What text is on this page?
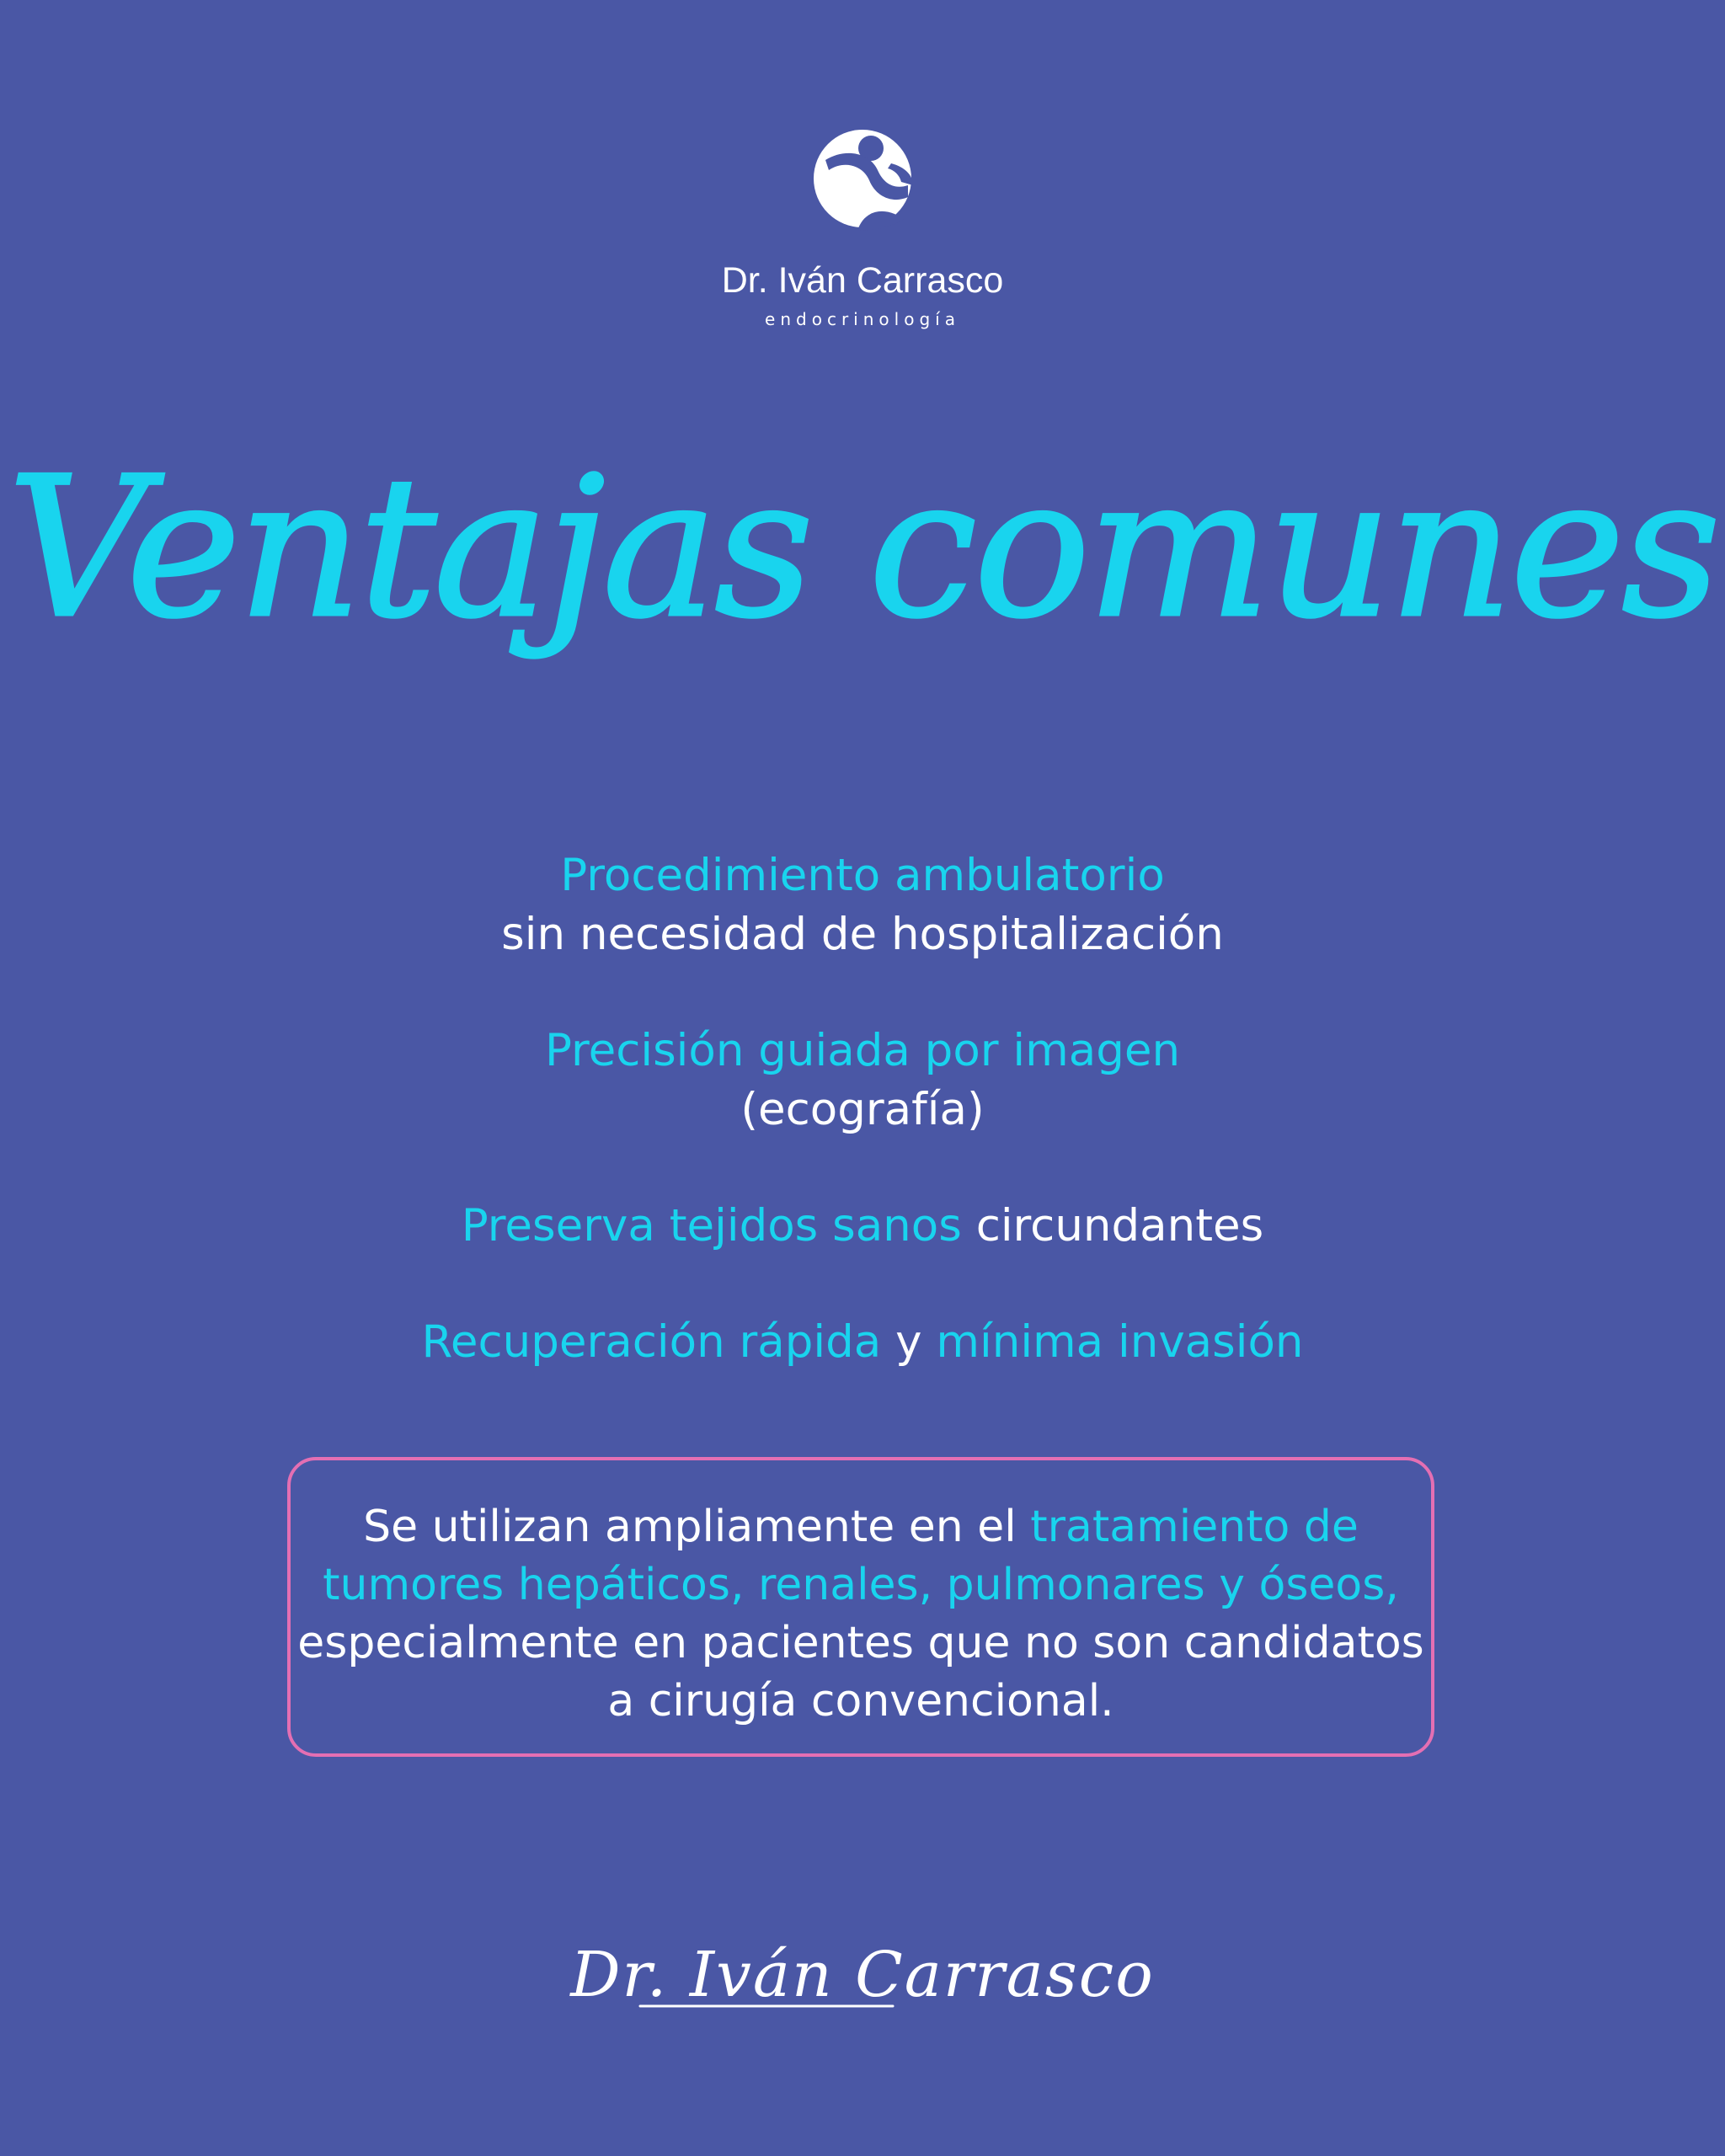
Dr. Iván Carrasco
endocrinología
Ventajas comunes
Procedimiento ambulatorio
sin necesidad de hospitalización
Precisión guiada por imagen
(ecografía)
Preserva tejidos sanos circundantes
Recuperación rápida y mínima invasión
Se utilizan ampliamente en el tratamiento de tumores hepáticos, renales, pulmonares y óseos, especialmente en pacientes que no son candidatos a cirugía convencional.
Dr. Iván Carrasco
